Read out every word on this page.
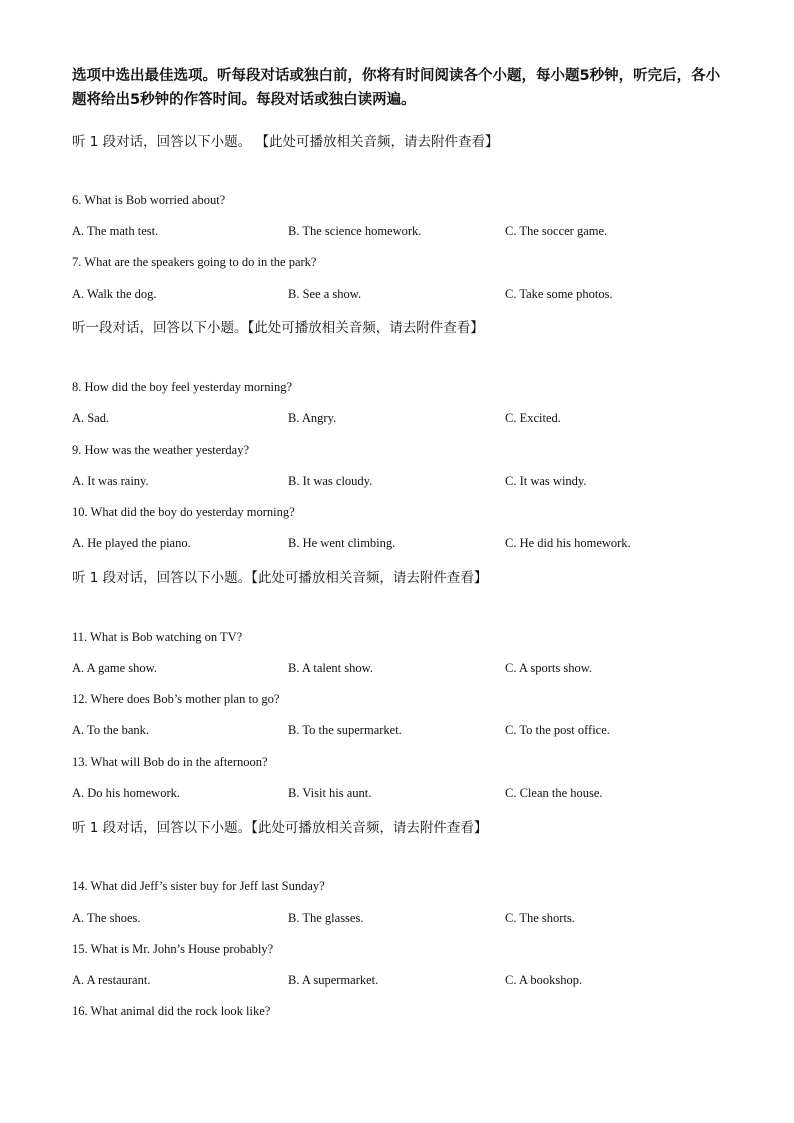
选项中选出最佳选项。听每段对话或独白前，你将有时间阅读各个小题，每小题5秒钟，听完后，各小题将给出5秒钟的作答时间。每段对话或独白读两遍。

听 1 段对话，回答以下小题。 【此处可播放相关音频，请去附件查看】

6. What is Bob worried about?

A. The math test.	B. The science homework.	C. The soccer game.

7. What are the speakers going to do in the park?

A. Walk the dog.	B. See a show.	C. Take some photos.

听一段对话，回答以下小题。【此处可播放相关音频，请去附件查看】

8. How did the boy feel yesterday morning?

A. Sad.	B. Angry.	C. Excited.

9. How was the weather yesterday?

A. It was rainy.	B. It was cloudy.	C. It was windy.

10. What did the boy do yesterday morning?

A. He played the piano.	B. He went climbing.	C. He did his homework.

听 1 段对话，回答以下小题。【此处可播放相关音频，请去附件查看】

11. What is Bob watching on TV?

A. A game show.	B. A talent show.	C. A sports show.

12. Where does Bob’s mother plan to go?

A. To the bank.	B. To the supermarket.	C. To the post office.

13. What will Bob do in the afternoon?

A. Do his homework.	B. Visit his aunt.	C. Clean the house.

听 1 段对话，回答以下小题。【此处可播放相关音频，请去附件查看】

14. What did Jeff’s sister buy for Jeff last Sunday?

A. The shoes.	B. The glasses.	C. The shorts.

15. What is Mr. John’s House probably?

A. A restaurant.	B. A supermarket.	C. A bookshop.

16. What animal did the rock look like?
